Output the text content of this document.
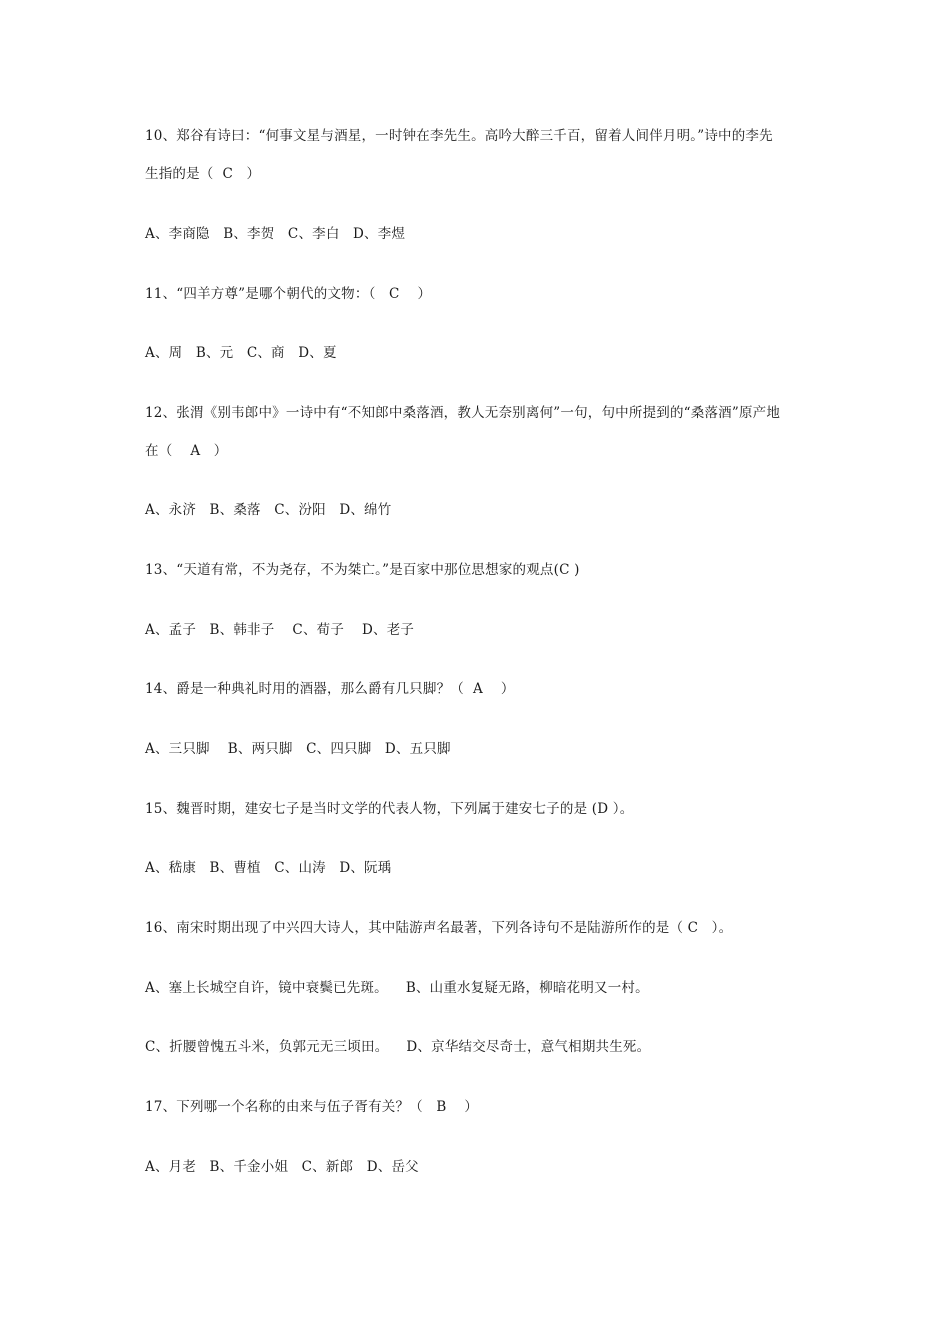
10、郑谷有诗曰：“何事文星与酒星，一时钟在李先生。高吟大醉三千百，留着人间伴月明。”诗中的李先
生指的是（  C   ）
A、李商隐   B、李贺   C、李白   D、李煜
11、“四羊方尊”是哪个朝代的文物：（   C    ）
A、周   B、元   C、商   D、夏
12、张渭《别韦郎中》一诗中有“不知郎中桑落酒，教人无奈别离何”一句，句中所提到的“桑落酒”原产地
在（    A   ）
A、永济   B、桑落   C、汾阳   D、绵竹
13、“天道有常，不为尧存，不为桀亡。”是百家中那位思想家的观点(C )
A、孟子   B、韩非子    C、荀子    D、老子
14、爵是一种典礼时用的酒器，那么爵有几只脚？（  A    ）
A、三只脚    B、两只脚   C、四只脚   D、五只脚
15、魏晋时期，建安七子是当时文学的代表人物，下列属于建安七子的是 (D ）。
A、嵇康   B、曹植   C、山涛   D、阮瑀
16、南宋时期出现了中兴四大诗人，其中陆游声名最著，下列各诗句不是陆游所作的是（ C   ）。
A、塞上长城空自许，镜中衰鬓已先斑。    B、山重水复疑无路，柳暗花明又一村。
C、折腰曾愧五斗米，负郭元无三顷田。    D、京华结交尽奇士，意气相期共生死。
17、下列哪一个名称的由来与伍子胥有关？（   B    ）
A、月老   B、千金小姐   C、新郎   D、岳父
